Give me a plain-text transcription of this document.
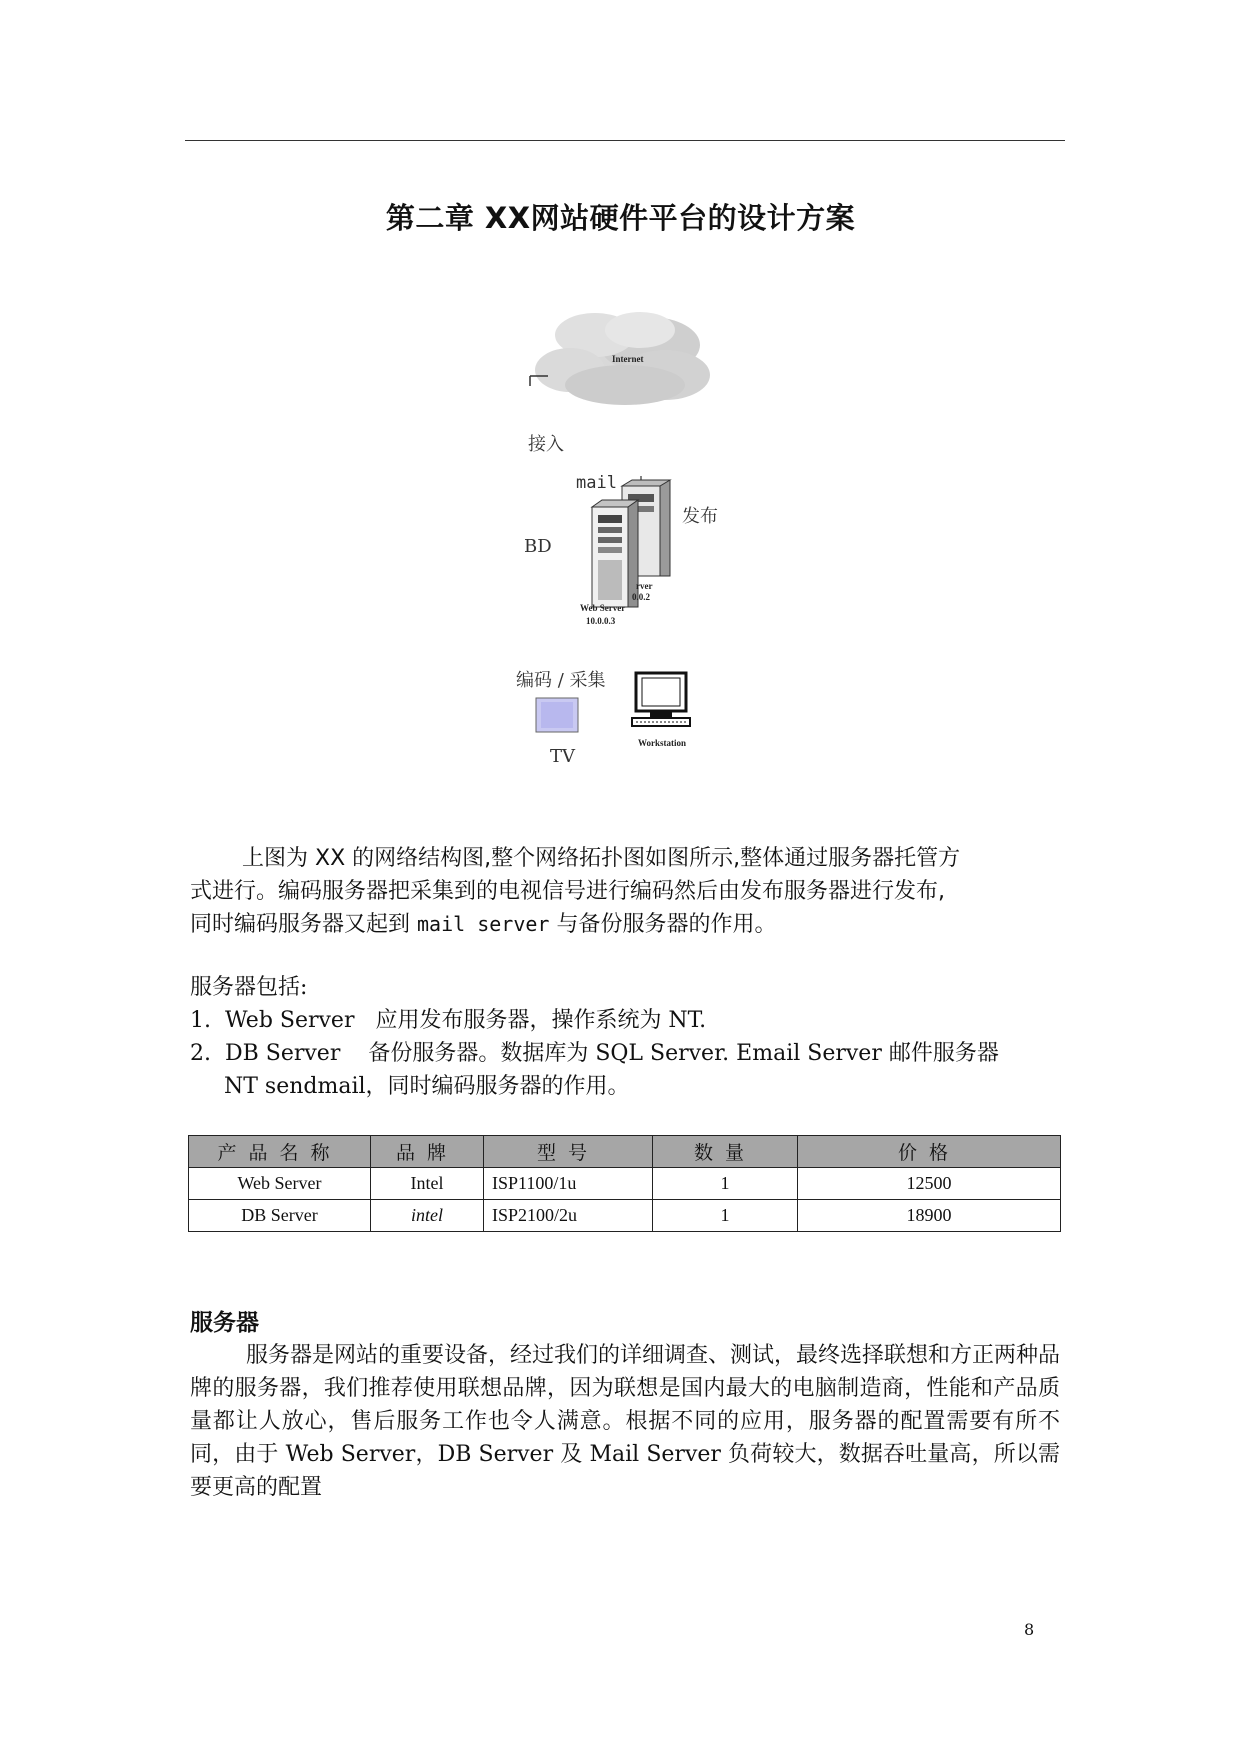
第二章 XX网站硬件平台的设计方案
Internet
接入
mail
发布
BD
rver
0.0.2
Web Server
10.0.0.3
编码 / 采集
Workstation
TV
上图为 XX 的网络结构图,整个网络拓扑图如图所示,整体通过服务器托管方
式进行。编码服务器把采集到的电视信号进行编码然后由发布服务器进行发布,
同时编码服务器又起到 mail server 与备份服务器的作用。
服务器包括:
1.  Web Server   应用发布服务器，操作系统为 NT.
2.  DB Server    备份服务器。数据库为 SQL Server. Email Server 邮件服务器
NT sendmail，同时编码服务器的作用。
产品名称	品牌	型号	数量	价格
Web Server	Intel	ISP1100/1u	1	12500
DB Server	intel	ISP2100/2u	1	18900
服务器
服务器是网站的重要设备，经过我们的详细调查、测试，最终选择联想和方正两种品牌的服务器，我们推荐使用联想品牌，因为联想是国内最大的电脑制造商，性能和产品质量都让人放心，售后服务工作也令人满意。根据不同的应用，服务器的配置需要有所不同，由于 Web Server，DB Server 及 Mail Server 负荷较大，数据吞吐量高，所以需要更高的配置
8
